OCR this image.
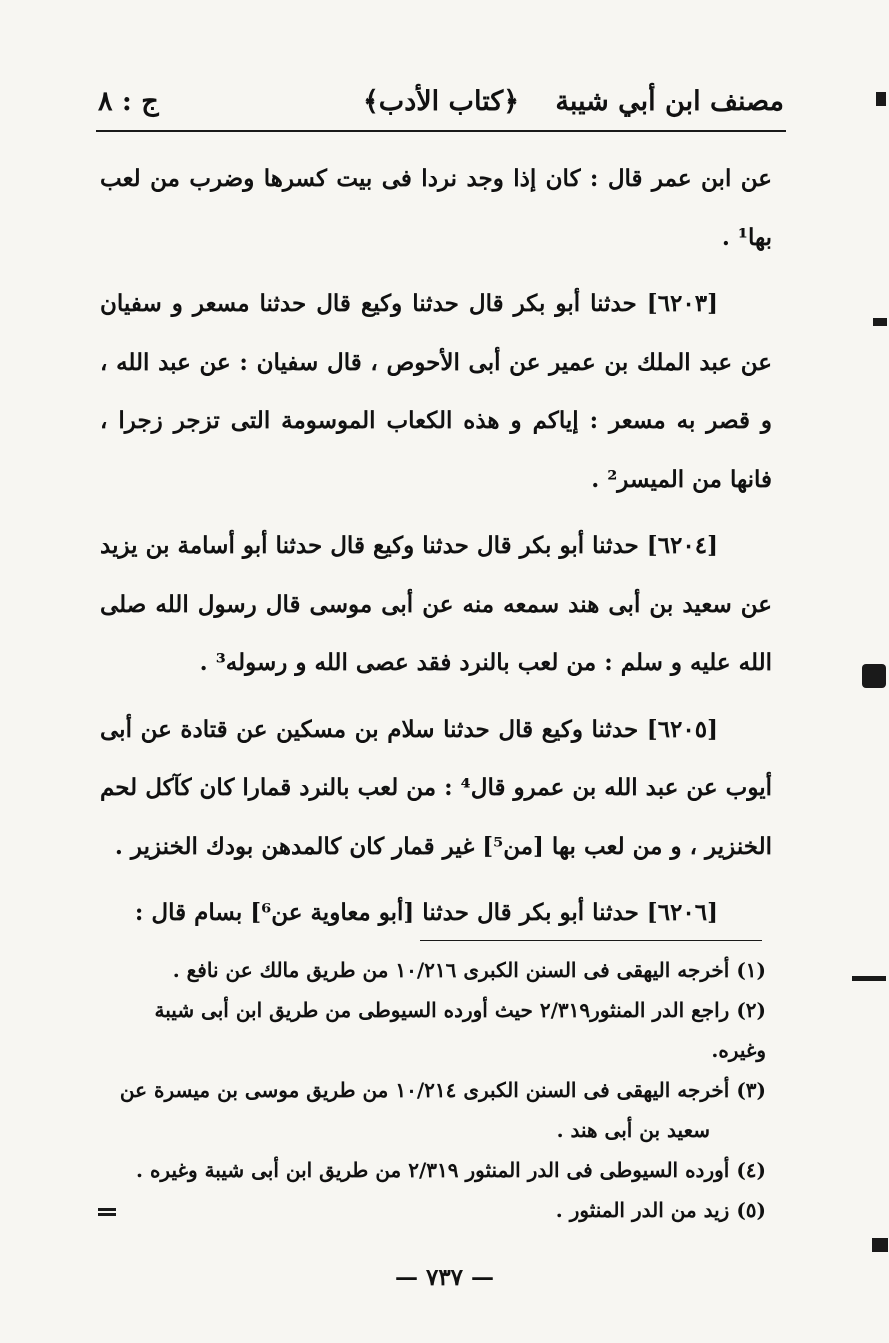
مصنف ابن أبي شيبة
﴿كتاب الأدب﴾
ج : ٨

عن ابن عمر قال : كان إذا وجد نردا فى بيت كسرها وضرب من لعب بها¹ .

[٦٢٠٣] حدثنا أبو بكر قال حدثنا وكيع قال حدثنا مسعر و سفيان عن عبد الملك بن عمير عن أبى الأحوص ، قال سفيان : عن عبد الله ، و قصر به مسعر : إياكم و هذه الكعاب الموسومة التى تزجر زجرا ، فانها من الميسر² .

[٦٢٠٤] حدثنا أبو بكر قال حدثنا وكيع قال حدثنا أبو أسامة بن يزيد عن سعيد بن أبى هند سمعه منه عن أبى موسى قال رسول الله صلى الله عليه و سلم : من لعب بالنرد فقد عصى الله و رسوله³ .

[٦٢٠٥] حدثنا وكيع قال حدثنا سلام بن مسكين عن قتادة عن أبى أيوب عن عبد الله بن عمرو قال⁴ : من لعب بالنرد قمارا كان كآكل لحم الخنزير ، و من لعب بها [من⁵] غير قمار كان كالمدهن بودك الخنزير .

[٦٢٠٦] حدثنا أبو بكر قال حدثنا [أبو معاوية عن⁶] بسام قال :

(١) أخرجه اليهقى فى السنن الكبرى ١٠/٢١٦ من طريق مالك عن نافع .

(٢) راجع الدر المنثور٢/٣١٩ حيث أورده السيوطى من طريق ابن أبى شيبة وغيره.

(٣) أخرجه اليهقى فى السنن الكبرى ١٠/٢١٤ من طريق موسى بن ميسرة عن

سعيد بن أبى هند .

(٤) أورده السيوطى فى الدر المنثور ٢/٣١٩ من طريق ابن أبى شيبة وغيره .

(٥) زيد من الدر المنثور .

— ٧٣٧ —
